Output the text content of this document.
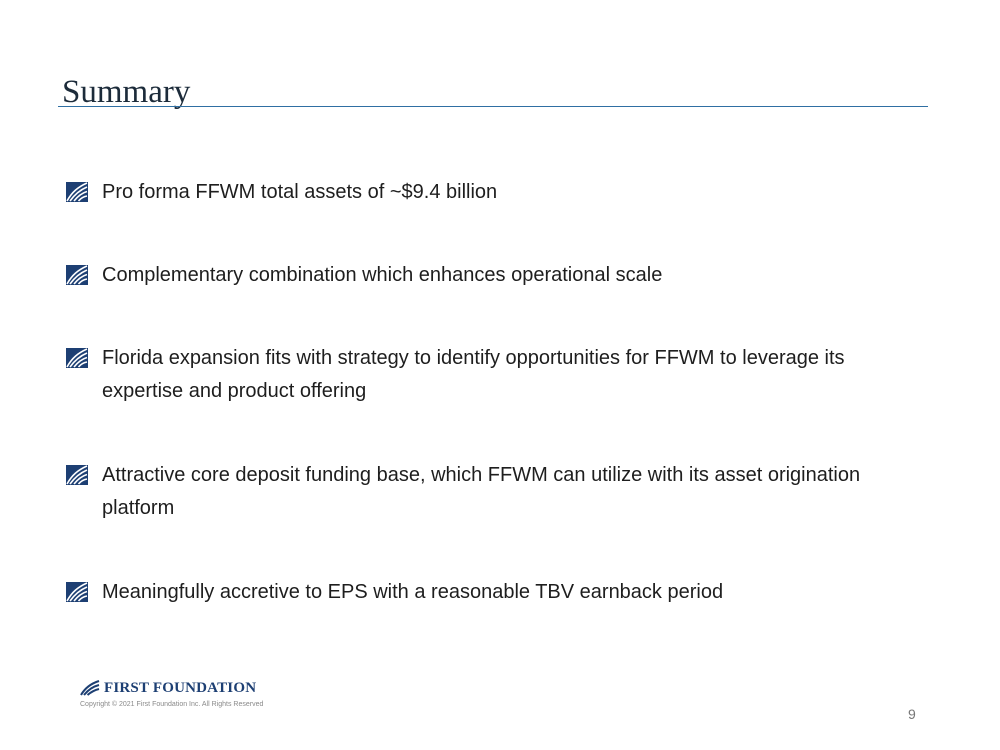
Summary
Pro forma FFWM total assets of ~$9.4 billion
Complementary combination which enhances operational scale
Florida expansion fits with strategy to identify opportunities for FFWM to leverage its expertise and product offering
Attractive core deposit funding base, which FFWM can utilize with its asset origination platform
Meaningfully accretive to EPS with a reasonable TBV earnback period
FIRST FOUNDATION
Copyright © 2021 First Foundation Inc. All Rights Reserved
9
